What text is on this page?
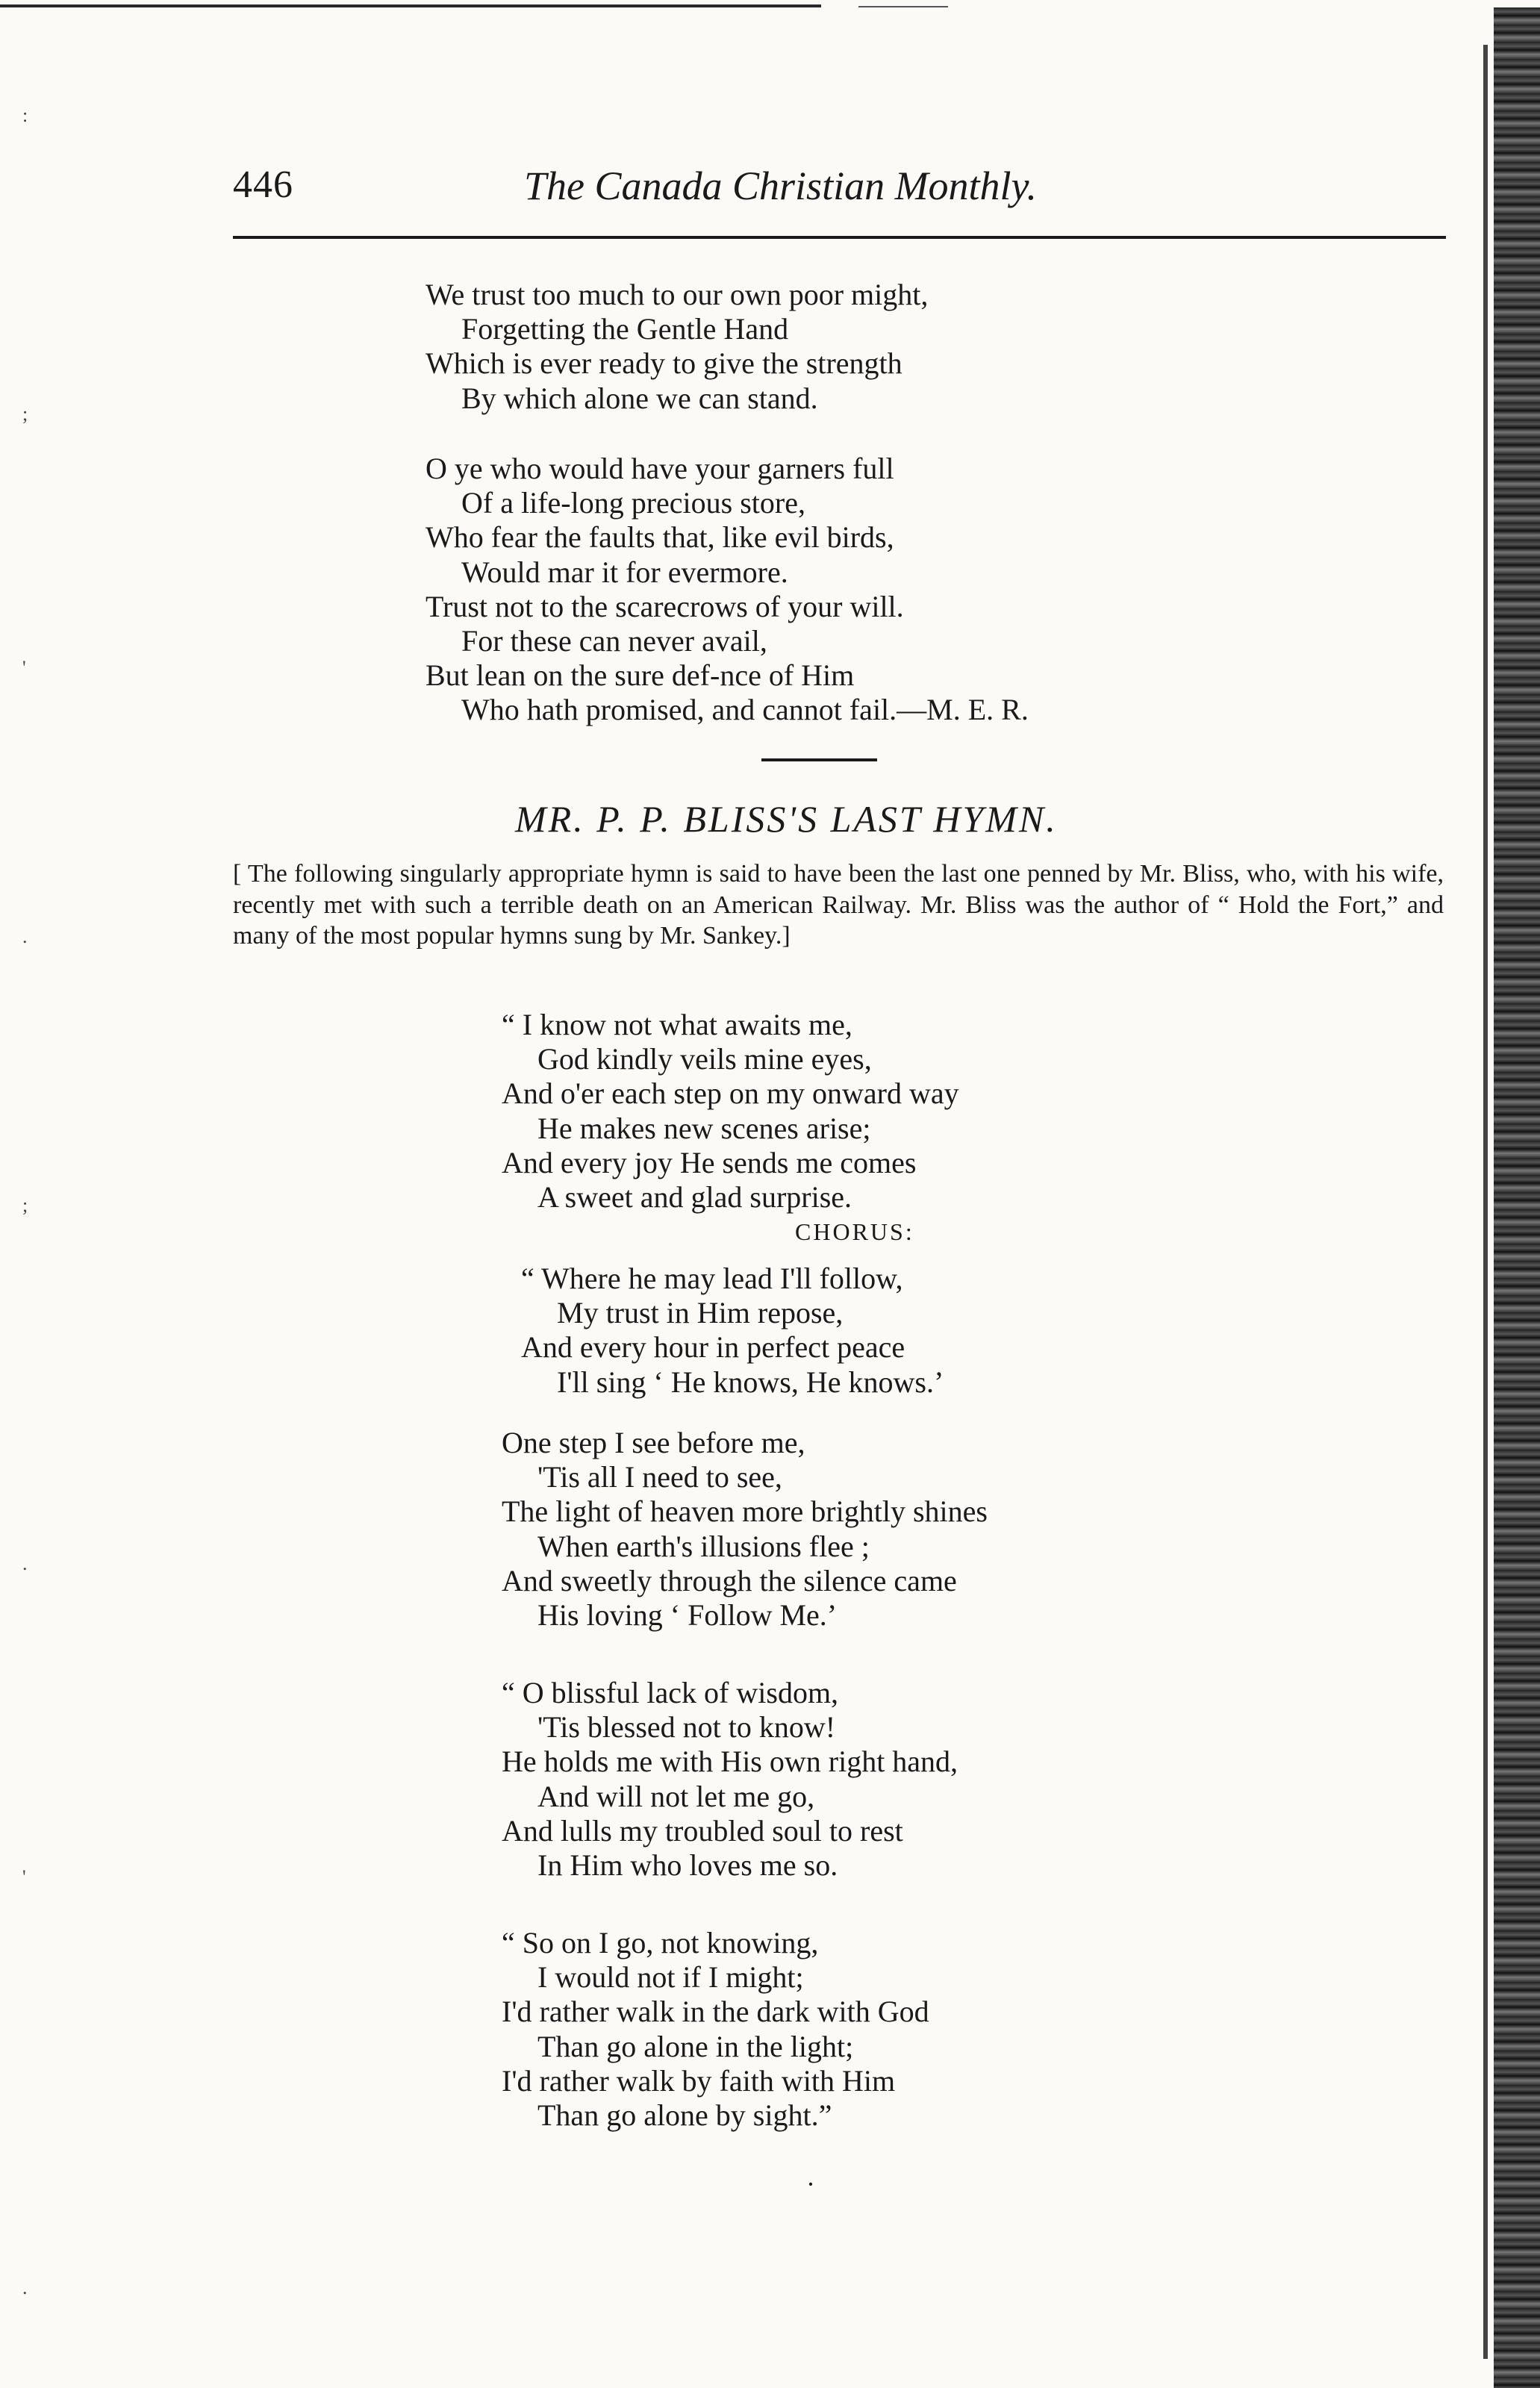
446	The Canada Christian Monthly.
We trust too much to our own poor might,
Forgetting the Gentle Hand
Which is ever ready to give the strength
By which alone we can stand.
O ye who would have your garners full
Of a life-long precious store,
Who fear the faults that, like evil birds,
Would mar it for evermore.
Trust not to the scarecrows of your will.
For these can never avail,
But lean on the sure def-nce of Him
Who hath promised, and cannot fail.—M. E. R.
MR. P. P. BLISS'S LAST HYMN.
[ The following singularly appropriate hymn is said to have been the last one penned by Mr. Bliss, who, with his wife, recently met with such a terrible death on an American Railway. Mr. Bliss was the author of “ Hold the Fort,” and many of the most popular hymns sung by Mr. Sankey.]
“ I know not what awaits me,
God kindly veils mine eyes,
And o'er each step on my onward way
He makes new scenes arise;
And every joy He sends me comes
A sweet and glad surprise.
CHORUS:
“ Where he may lead I'll follow,
My trust in Him repose,
And every hour in perfect peace
I'll sing ‘ He knows, He knows.’
One step I see before me,
'Tis all I need to see,
The light of heaven more brightly shines
When earth's illusions flee ;
And sweetly through the silence came
His loving ‘ Follow Me.’
“ O blissful lack of wisdom,
'Tis blessed not to know!
He holds me with His own right hand,
And will not let me go,
And lulls my troubled soul to rest
In Him who loves me so.
“ So on I go, not knowing,
I would not if I might;
I'd rather walk in the dark with God
Than go alone in the light;
I'd rather walk by faith with Him
Than go alone by sight.”
·
:
;
'
.
;
.
'
.
